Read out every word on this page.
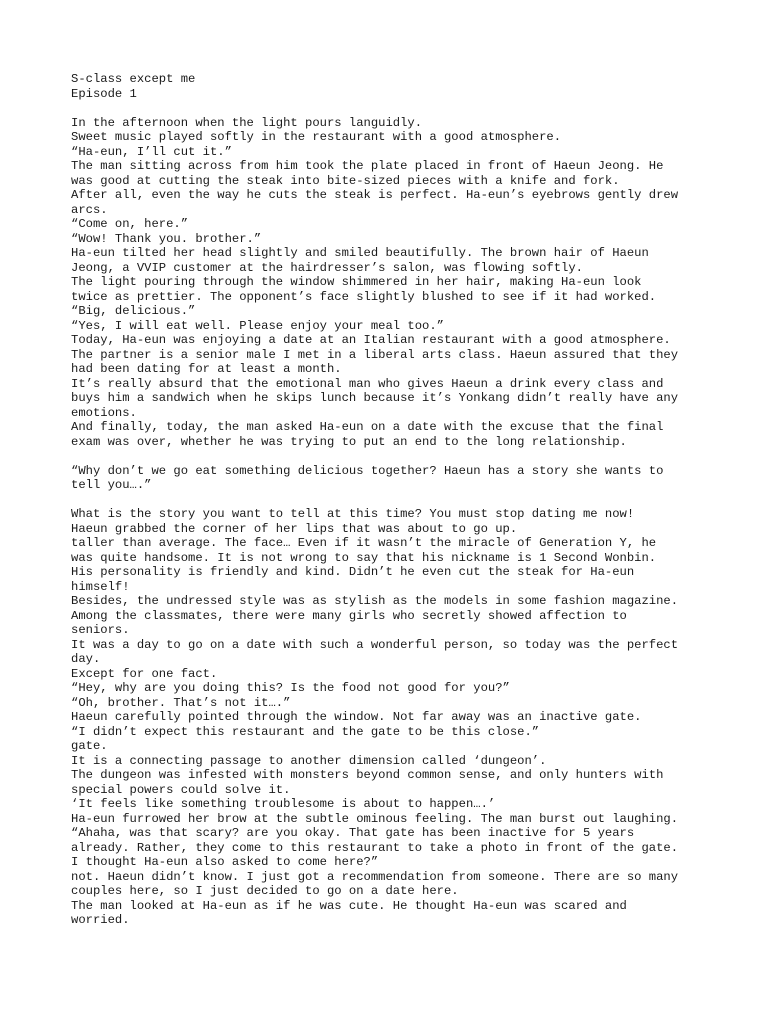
S-class except me
Episode 1
In the afternoon when the light pours languidly.
Sweet music played softly in the restaurant with a good atmosphere.
“Ha-eun, I’ll cut it.”
The man sitting across from him took the plate placed in front of Haeun Jeong. He
was good at cutting the steak into bite-sized pieces with a knife and fork.
After all, even the way he cuts the steak is perfect. Ha-eun’s eyebrows gently drew
arcs.
“Come on, here.”
“Wow! Thank you. brother.”
Ha-eun tilted her head slightly and smiled beautifully. The brown hair of Haeun
Jeong, a VVIP customer at the hairdresser’s salon, was flowing softly.
The light pouring through the window shimmered in her hair, making Ha-eun look
twice as prettier. The opponent’s face slightly blushed to see if it had worked.
“Big, delicious.”
“Yes, I will eat well. Please enjoy your meal too.”
Today, Ha-eun was enjoying a date at an Italian restaurant with a good atmosphere.
The partner is a senior male I met in a liberal arts class. Haeun assured that they
had been dating for at least a month.
It’s really absurd that the emotional man who gives Haeun a drink every class and
buys him a sandwich when he skips lunch because it’s Yonkang didn’t really have any
emotions.
And finally, today, the man asked Ha-eun on a date with the excuse that the final
exam was over, whether he was trying to put an end to the long relationship.
“Why don’t we go eat something delicious together? Haeun has a story she wants to
tell you….”
What is the story you want to tell at this time? You must stop dating me now!
Haeun grabbed the corner of her lips that was about to go up.
taller than average. The face… Even if it wasn’t the miracle of Generation Y, he
was quite handsome. It is not wrong to say that his nickname is 1 Second Wonbin.
His personality is friendly and kind. Didn’t he even cut the steak for Ha-eun
himself!
Besides, the undressed style was as stylish as the models in some fashion magazine.
Among the classmates, there were many girls who secretly showed affection to
seniors.
It was a day to go on a date with such a wonderful person, so today was the perfect
day.
Except for one fact.
“Hey, why are you doing this? Is the food not good for you?”
“Oh, brother. That’s not it….”
Haeun carefully pointed through the window. Not far away was an inactive gate.
“I didn’t expect this restaurant and the gate to be this close.”
gate.
It is a connecting passage to another dimension called ‘dungeon’.
The dungeon was infested with monsters beyond common sense, and only hunters with
special powers could solve it.
‘It feels like something troublesome is about to happen….’
Ha-eun furrowed her brow at the subtle ominous feeling. The man burst out laughing.
“Ahaha, was that scary? are you okay. That gate has been inactive for 5 years
already. Rather, they come to this restaurant to take a photo in front of the gate.
I thought Ha-eun also asked to come here?”
not. Haeun didn’t know. I just got a recommendation from someone. There are so many
couples here, so I just decided to go on a date here.
The man looked at Ha-eun as if he was cute. He thought Ha-eun was scared and
worried.
